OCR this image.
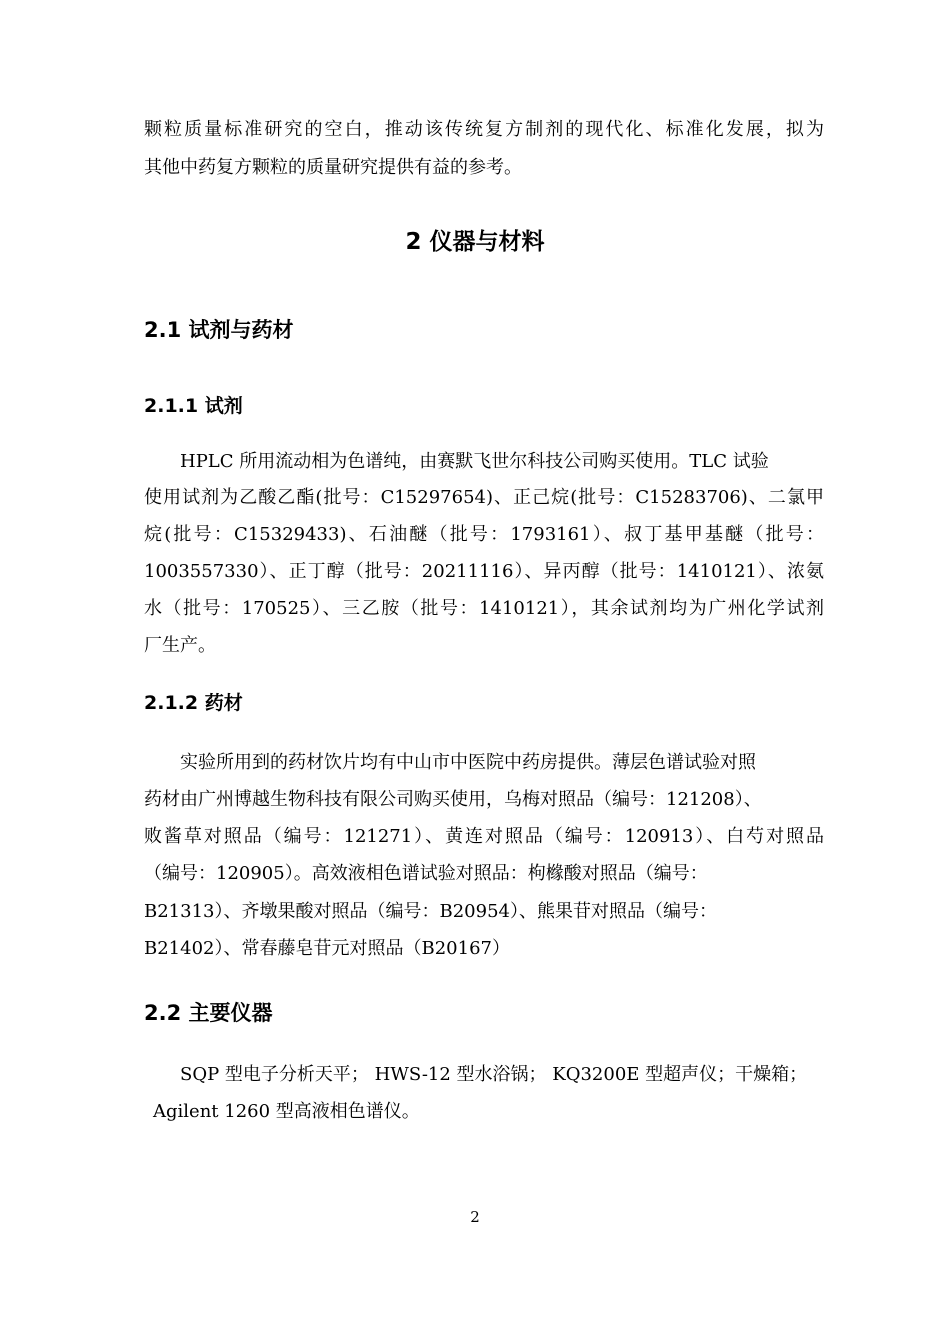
颗粒质量标准研究的空白，推动该传统复方制剂的现代化、标准化发展，拟为
其他中药复方颗粒的质量研究提供有益的参考。
2 仪器与材料
2.1 试剂与药材
2.1.1 试剂
HPLC 所用流动相为色谱纯，由赛默飞世尔科技公司购买使用。TLC 试验
使用试剂为乙酸乙酯(批号：C15297654)、正己烷(批号：C15283706)、二氯甲
烷(批号：C15329433)、石油醚（批号：1793161）、叔丁基甲基醚（批号：
1003557330）、正丁醇（批号：20211116）、异丙醇（批号：1410121）、浓氨
水（批号：170525）、三乙胺（批号：1410121），其余试剂均为广州化学试剂
厂生产。
2.1.2 药材
实验所用到的药材饮片均有中山市中医院中药房提供。薄层色谱试验对照
药材由广州博越生物科技有限公司购买使用，乌梅对照品（编号：121208）、
败酱草对照品（编号：121271）、黄连对照品（编号：120913）、白芍对照品
（编号：120905）。高效液相色谱试验对照品：枸橼酸对照品（编号：
B21313）、齐墩果酸对照品（编号：B20954）、熊果苷对照品（编号：
B21402）、常春藤皂苷元对照品（B20167）
2.2 主要仪器
SQP 型电子分析天平； HWS-12 型水浴锅； KQ3200E 型超声仪；干燥箱；
Agilent 1260 型高液相色谱仪。
2
